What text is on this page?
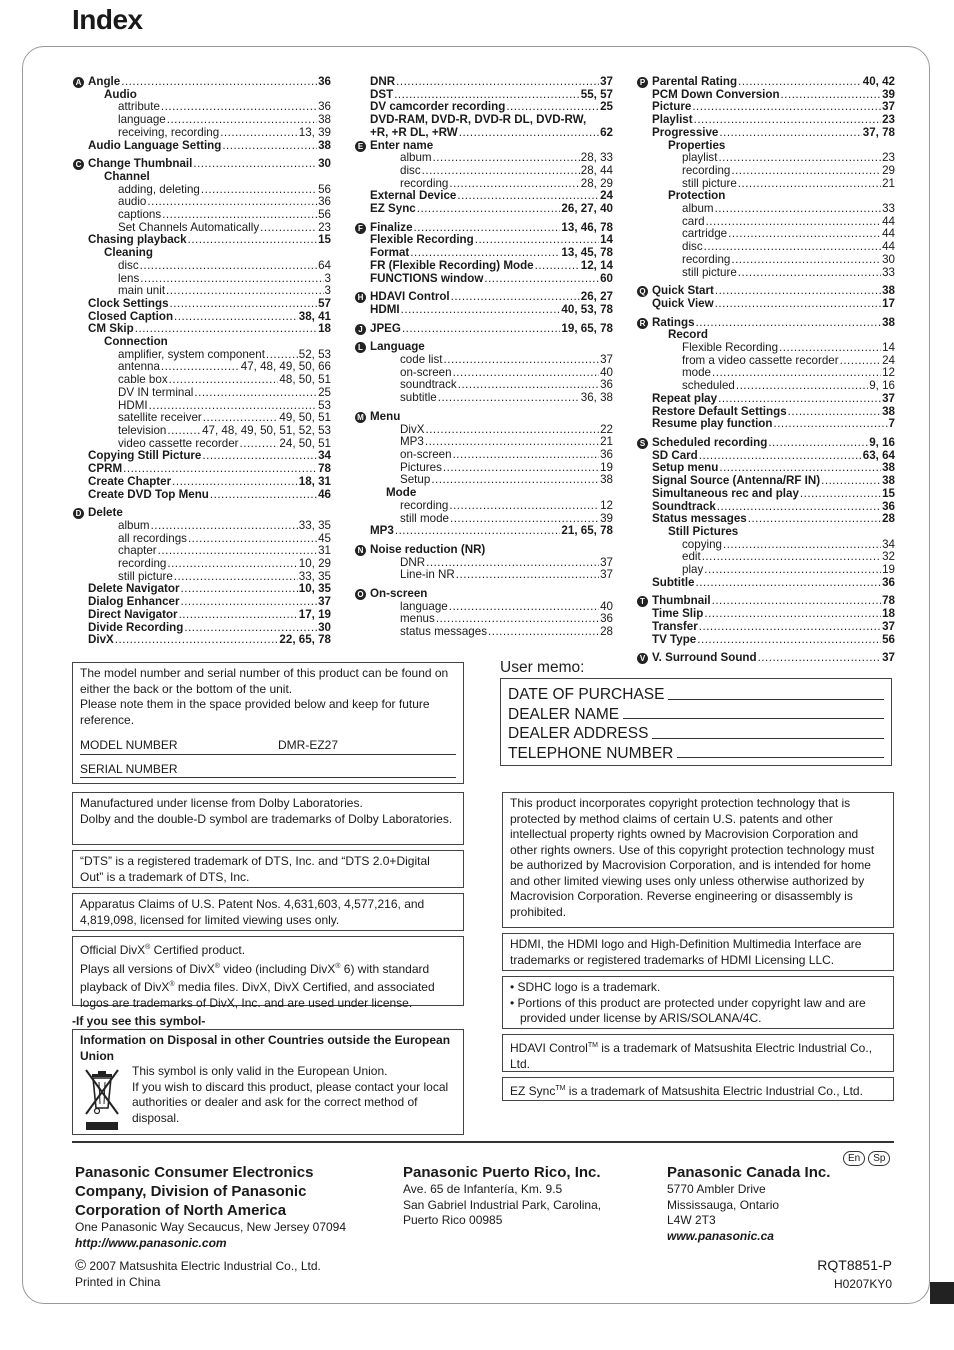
Index
A Angle .....	36
Audio
attribute .....	36
language .....	38
receiving, recording .....	13, 39
Audio Language Setting .....	38
C Change Thumbnail .....	30
Channel
adding, deleting .....	56
audio .....	36
captions .....	56
Set Channels Automatically .....	23
Chasing playback .....	15
Cleaning
disc .....	64
lens .....	3
main unit .....	3
Clock Settings .....	57
Closed Caption .....	38, 41
CM Skip .....	18
Connection
amplifier, system component .....	52, 53
antenna .....	47, 48, 49, 50, 66
cable box .....	48, 50, 51
DV IN terminal .....	25
HDMI .....	53
satellite receiver .....	49, 50, 51
television .....	47, 48, 49, 50, 51, 52, 53
video cassette recorder .....	24, 50, 51
Copying Still Picture .....	34
CPRM .....	78
Create Chapter .....	18, 31
Create DVD Top Menu .....	46
D Delete
album .....	33, 35
all recordings .....	45
chapter .....	31
recording .....	10, 29
still picture .....	33, 35
Delete Navigator .....	10, 35
Dialog Enhancer .....	37
Direct Navigator .....	17, 19
Divide Recording .....	30
DivX .....	22, 65, 78
DNR .....	37
DST .....	55, 57
DV camcorder recording .....	25
DVD-RAM, DVD-R, DVD-R DL, DVD-RW,
+R, +R DL, +RW .....	62
E Enter name
album .....	28, 33
disc .....	28, 44
recording .....	28, 29
External Device .....	24
EZ Sync .....	26, 27, 40
F Finalize .....	13, 46, 78
Flexible Recording .....	14
Format .....	13, 45, 78
FR (Flexible Recording) Mode .....	12, 14
FUNCTIONS window .....	60
H HDAVI Control .....	26, 27
HDMI .....	40, 53, 78
J JPEG .....	19, 65, 78
L Language
code list .....	37
on-screen .....	40
soundtrack .....	36
subtitle .....	36, 38
M Menu
DivX .....	22
MP3 .....	21
on-screen .....	36
Pictures .....	19
Setup .....	38
Mode
recording .....	12
still mode .....	39
MP3 .....	21, 65, 78
N Noise reduction (NR)
DNR .....	37
Line-in NR .....	37
O On-screen
language .....	40
menus .....	36
status messages .....	28
P Parental Rating .....	40, 42
PCM Down Conversion .....	39
Picture .....	37
Playlist .....	23
Progressive .....	37, 78
Properties
playlist .....	23
recording .....	29
still picture .....	21
Protection
album .....	33
card .....	44
cartridge .....	44
disc .....	44
recording .....	30
still picture .....	33
Q Quick Start .....	38
Quick View .....	17
R Ratings .....	38
Record
Flexible Recording .....	14
from a video cassette recorder .....	24
mode .....	12
scheduled .....	9, 16
Repeat play .....	37
Restore Default Settings .....	38
Resume play function .....	7
S Scheduled recording .....	9, 16
SD Card .....	63, 64
Setup menu .....	38
Signal Source (Antenna/RF IN) .....	38
Simultaneous rec and play .....	15
Soundtrack .....	36
Status messages .....	28
Still Pictures
copying .....	34
edit .....	32
play .....	19
Subtitle .....	36
T Thumbnail .....	78
Time Slip .....	18
Transfer .....	37
TV Type .....	56
V V. Surround Sound .....	37
The model number and serial number of this product can be found on either the back or the bottom of the unit.
Please note them in the space provided below and keep for future reference.
MODEL NUMBER	DMR-EZ27
SERIAL NUMBER
User memo:
DATE OF PURCHASE
DEALER NAME
DEALER ADDRESS
TELEPHONE NUMBER
Manufactured under license from Dolby Laboratories.
Dolby and the double-D symbol are trademarks of Dolby Laboratories.
“DTS” is a registered trademark of DTS, Inc. and “DTS 2.0+Digital Out” is a trademark of DTS, Inc.
Apparatus Claims of U.S. Patent Nos. 4,631,603, 4,577,216, and 4,819,098, licensed for limited viewing uses only.
Official DivX® Certified product.
Plays all versions of DivX® video (including DivX® 6) with standard playback of DivX® media files. DivX, DivX Certified, and associated logos are trademarks of DivX, Inc. and are used under license.
-If you see this symbol-
Information on Disposal in other Countries outside the European Union
This symbol is only valid in the European Union.
If you wish to discard this product, please contact your local authorities or dealer and ask for the correct method of disposal.
This product incorporates copyright protection technology that is protected by method claims of certain U.S. patents and other intellectual property rights owned by Macrovision Corporation and other rights owners. Use of this copyright protection technology must be authorized by Macrovision Corporation, and is intended for home and other limited viewing uses only unless otherwise authorized by Macrovision Corporation. Reverse engineering or disassembly is prohibited.
HDMI, the HDMI logo and High-Definition Multimedia Interface are trademarks or registered trademarks of HDMI Licensing LLC.
• SDHC logo is a trademark.
• Portions of this product are protected under copyright law and are provided under license by ARIS/SOLANA/4C.
HDAVI Control™ is a trademark of Matsushita Electric Industrial Co., Ltd.
EZ Sync™ is a trademark of Matsushita Electric Industrial Co., Ltd.
En Sp
Panasonic Consumer Electronics Company, Division of Panasonic Corporation of North America
One Panasonic Way Secaucus, New Jersey 07094
http://www.panasonic.com
© 2007 Matsushita Electric Industrial Co., Ltd.
Printed in China
Panasonic Puerto Rico, Inc.
Ave. 65 de Infantería, Km. 9.5
San Gabriel Industrial Park, Carolina,
Puerto Rico 00985
Panasonic Canada Inc.
5770 Ambler Drive
Mississauga, Ontario
L4W 2T3
www.panasonic.ca
RQT8851-P
H0207KY0
